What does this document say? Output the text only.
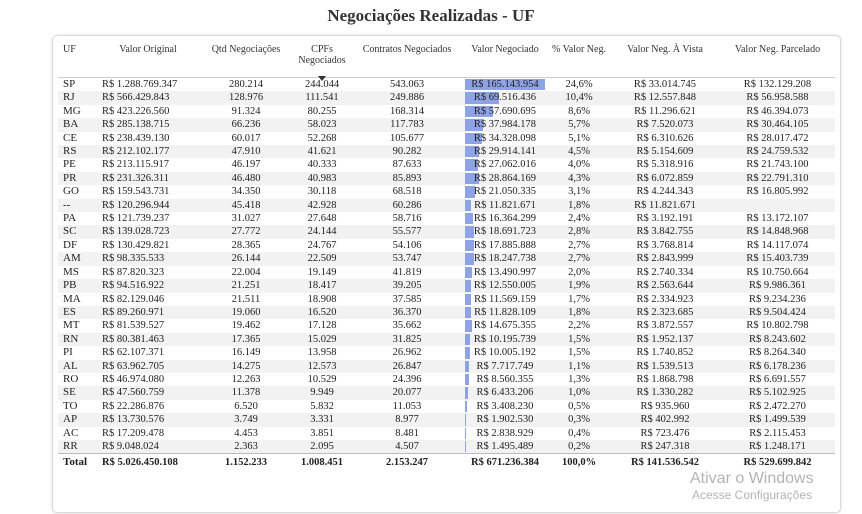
Negociações Realizadas - UF
UF	Valor Original	Qtd Negociações	CPFs Negociados	Contratos Negociados	Valor Negociado	% Valor Neg.	Valor Neg. À Vista	Valor Neg. Parcelado
SP	R$ 1.288.769.347	280.214	244.044	543.063	R$ 165.143.954	24,6%	R$ 33.014.745	R$ 132.129.208
RJ	R$ 566.429.843	128.976	111.541	249.886	R$ 69.516.436	10,4%	R$ 12.557.848	R$ 56.958.588
MG	R$ 423.226.560	91.324	80.255	168.314	R$ 57.690.695	8,6%	R$ 11.296.621	R$ 46.394.073
BA	R$ 285.138.715	66.236	58.023	117.783	R$ 37.984.178	5,7%	R$ 7.520.073	R$ 30.464.105
CE	R$ 238.439.130	60.017	52.268	105.677	R$ 34.328.098	5,1%	R$ 6.310.626	R$ 28.017.472
RS	R$ 212.102.177	47.910	41.621	90.282	R$ 29.914.141	4,5%	R$ 5.154.609	R$ 24.759.532
PE	R$ 213.115.917	46.197	40.333	87.633	R$ 27.062.016	4,0%	R$ 5.318.916	R$ 21.743.100
PR	R$ 231.326.311	46.480	40.983	85.893	R$ 28.864.169	4,3%	R$ 6.072.859	R$ 22.791.310
GO	R$ 159.543.731	34.350	30.118	68.518	R$ 21.050.335	3,1%	R$ 4.244.343	R$ 16.805.992
--	R$ 120.296.944	45.418	42.928	60.286	R$ 11.821.671	1,8%	R$ 11.821.671	
PA	R$ 121.739.237	31.027	27.648	58.716	R$ 16.364.299	2,4%	R$ 3.192.191	R$ 13.172.107
SC	R$ 139.028.723	27.772	24.144	55.577	R$ 18.691.723	2,8%	R$ 3.842.755	R$ 14.848.968
DF	R$ 130.429.821	28.365	24.767	54.106	R$ 17.885.888	2,7%	R$ 3.768.814	R$ 14.117.074
AM	R$ 98.335.533	26.144	22.509	53.747	R$ 18.247.738	2,7%	R$ 2.843.999	R$ 15.403.739
MS	R$ 87.820.323	22.004	19.149	41.819	R$ 13.490.997	2,0%	R$ 2.740.334	R$ 10.750.664
PB	R$ 94.516.922	21.251	18.417	39.205	R$ 12.550.005	1,9%	R$ 2.563.644	R$ 9.986.361
MA	R$ 82.129.046	21.511	18.908	37.585	R$ 11.569.159	1,7%	R$ 2.334.923	R$ 9.234.236
ES	R$ 89.260.971	19.060	16.520	36.370	R$ 11.828.109	1,8%	R$ 2.323.685	R$ 9.504.424
MT	R$ 81.539.527	19.462	17.128	35.662	R$ 14.675.355	2,2%	R$ 3.872.557	R$ 10.802.798
RN	R$ 80.381.463	17.365	15.029	31.825	R$ 10.195.739	1,5%	R$ 1.952.137	R$ 8.243.602
PI	R$ 62.107.371	16.149	13.958	26.962	R$ 10.005.192	1,5%	R$ 1.740.852	R$ 8.264.340
AL	R$ 63.962.705	14.275	12.573	26.847	R$ 7.717.749	1,1%	R$ 1.539.513	R$ 6.178.236
RO	R$ 46.974.080	12.263	10.529	24.396	R$ 8.560.355	1,3%	R$ 1.868.798	R$ 6.691.557
SE	R$ 47.560.759	11.378	9.949	20.077	R$ 6.433.206	1,0%	R$ 1.330.282	R$ 5.102.925
TO	R$ 22.286.876	6.520	5.832	11.053	R$ 3.408.230	0,5%	R$ 935.960	R$ 2.472.270
AP	R$ 13.730.576	3.749	3.331	8.977	R$ 1.902.530	0,3%	R$ 402.992	R$ 1.499.539
AC	R$ 17.209.478	4.453	3.851	8.481	R$ 2.838.929	0,4%	R$ 723.476	R$ 2.115.453
RR	R$ 9.048.024	2.363	2.095	4.507	R$ 1.495.489	0,2%	R$ 247.318	R$ 1.248.171
Total	R$ 5.026.450.108	1.152.233	1.008.451	2.153.247	R$ 671.236.384	100,0%	R$ 141.536.542	R$ 529.699.842
Ativar o Windows
Acesse Configurações
